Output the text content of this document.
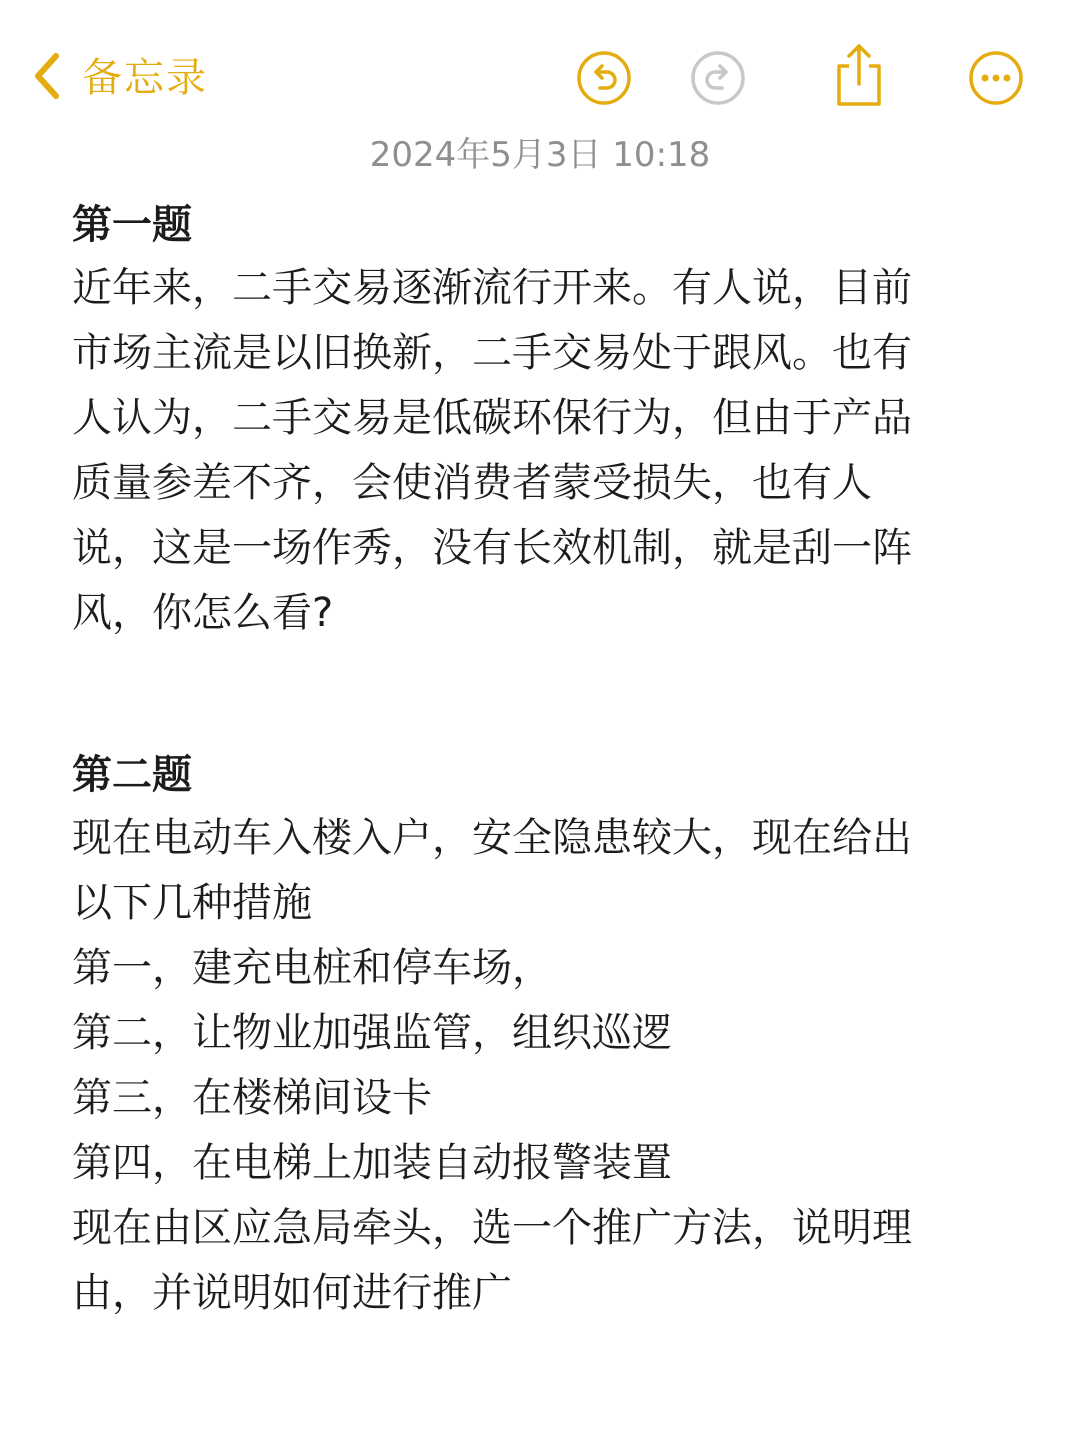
备忘录
2024年5月3日 10:18
第一题
近年来，二手交易逐渐流行开来。有人说，目前
市场主流是以旧换新，二手交易处于跟风。也有
人认为，二手交易是低碳环保行为，但由于产品
质量参差不齐，会使消费者蒙受损失，也有人
说，这是一场作秀，没有长效机制，就是刮一阵
风，你怎么看?
第二题
现在电动车入楼入户，安全隐患较大，现在给出
以下几种措施
第一，建充电桩和停车场，
第二，让物业加强监管，组织巡逻
第三，在楼梯间设卡
第四，在电梯上加装自动报警装置
现在由区应急局牵头，选一个推广方法，说明理
由，并说明如何进行推广
